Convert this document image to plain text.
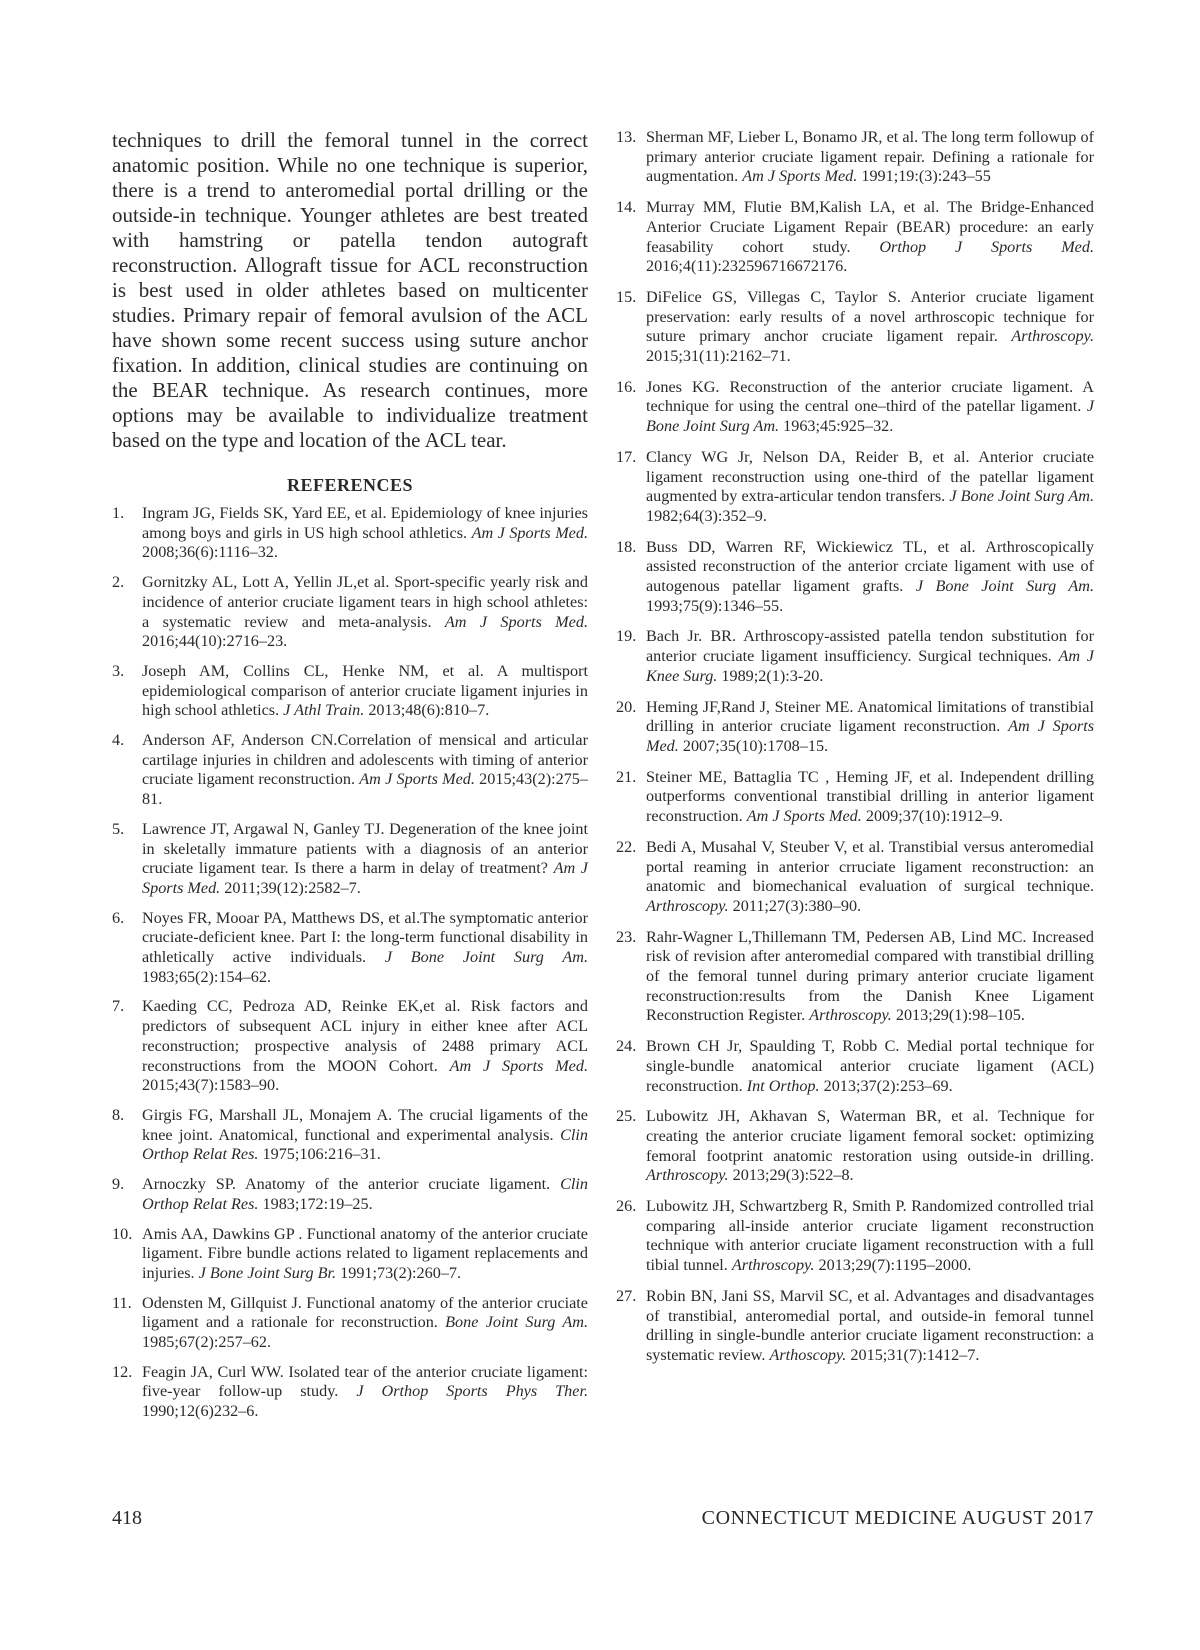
techniques to drill the femoral tunnel in the correct anatomic position. While no one technique is superior, there is a trend to anteromedial portal drilling or the outside-in technique. Younger athletes are best treated with hamstring or patella tendon autograft reconstruction. Allograft tissue for ACL reconstruction is best used in older athletes based on multicenter studies. Primary repair of femoral avulsion of the ACL have shown some recent success using suture anchor fixation. In addition, clinical studies are continuing on the BEAR technique. As research continues, more options may be available to individualize treatment based on the type and location of the ACL tear.

REFERENCES
1. Ingram JG, Fields SK, Yard EE, et al. Epidemiology of knee injuries among boys and girls in US high school athletics. Am J Sports Med. 2008;36(6):1116–32.
2. Gornitzky AL, Lott A, Yellin JL,et al. Sport-specific yearly risk and incidence of anterior cruciate ligament tears in high school athletes: a systematic review and meta-analysis. Am J Sports Med. 2016;44(10):2716–23.
3. Joseph AM, Collins CL, Henke NM, et al. A multisport epidemiological comparison of anterior cruciate ligament injuries in high school athletics. J Athl Train. 2013;48(6):810–7.
4. Anderson AF, Anderson CN.Correlation of mensical and articular cartilage injuries in children and adolescents with timing of anterior cruciate ligament reconstruction. Am J Sports Med. 2015;43(2):275–81.
5. Lawrence JT, Argawal N, Ganley TJ. Degeneration of the knee joint in skeletally immature patients with a diagnosis of an anterior cruciate ligament tear. Is there a harm in delay of treatment? Am J Sports Med. 2011;39(12):2582–7.
6. Noyes FR, Mooar PA, Matthews DS, et al.The symptomatic anterior cruciate-deficient knee. Part I: the long-term functional disability in athletically active individuals. J Bone Joint Surg Am. 1983;65(2):154–62.
7. Kaeding CC, Pedroza AD, Reinke EK,et al. Risk factors and predictors of subsequent ACL injury in either knee after ACL reconstruction; prospective analysis of 2488 primary ACL reconstructions from the MOON Cohort. Am J Sports Med. 2015;43(7):1583–90.
8. Girgis FG, Marshall JL, Monajem A. The crucial ligaments of the knee joint. Anatomical, functional and experimental analysis. Clin Orthop Relat Res. 1975;106:216–31.
9. Arnoczky SP. Anatomy of the anterior cruciate ligament. Clin Orthop Relat Res. 1983;172:19–25.
10. Amis AA, Dawkins GP . Functional anatomy of the anterior cruciate ligament. Fibre bundle actions related to ligament replacements and injuries. J Bone Joint Surg Br. 1991;73(2):260–7.
11. Odensten M, Gillquist J. Functional anatomy of the anterior cruciate ligament and a rationale for reconstruction. Bone Joint Surg Am. 1985;67(2):257–62.
12. Feagin JA, Curl WW. Isolated tear of the anterior cruciate ligament: five-year follow-up study. J Orthop Sports Phys Ther. 1990;12(6)232–6.
13. Sherman MF, Lieber L, Bonamo JR, et al. The long term followup of primary anterior cruciate ligament repair. Defining a rationale for augmentation. Am J Sports Med. 1991;19:(3):243–55
14. Murray MM, Flutie BM,Kalish LA, et al. The Bridge-Enhanced Anterior Cruciate Ligament Repair (BEAR) procedure: an early feasability cohort study. Orthop J Sports Med. 2016;4(11):232596716672176.
15. DiFelice GS, Villegas C, Taylor S. Anterior cruciate ligament preservation: early results of a novel arthroscopic technique for suture primary anchor cruciate ligament repair. Arthroscopy. 2015;31(11):2162–71.
16. Jones KG. Reconstruction of the anterior cruciate ligament. A technique for using the central one–third of the patellar ligament. J Bone Joint Surg Am. 1963;45:925–32.
17. Clancy WG Jr, Nelson DA, Reider B, et al. Anterior cruciate ligament reconstruction using one-third of the patellar ligament augmented by extra-articular tendon transfers. J Bone Joint Surg Am. 1982;64(3):352–9.
18. Buss DD, Warren RF, Wickiewicz TL, et al. Arthroscopically assisted reconstruction of the anterior crciate ligament with use of autogenous patellar ligament grafts. J Bone Joint Surg Am. 1993;75(9):1346–55.
19. Bach Jr. BR. Arthroscopy-assisted patella tendon substitution for anterior cruciate ligament insufficiency. Surgical techniques. Am J Knee Surg. 1989;2(1):3-20.
20. Heming JF,Rand J, Steiner ME. Anatomical limitations of transtibial drilling in anterior cruciate ligament reconstruction. Am J Sports Med. 2007;35(10):1708–15.
21. Steiner ME, Battaglia TC , Heming JF, et al. Independent drilling outperforms conventional transtibial drilling in anterior ligament reconstruction. Am J Sports Med. 2009;37(10):1912–9.
22. Bedi A, Musahal V, Steuber V, et al. Transtibial versus anteromedial portal reaming in anterior crruciate ligament reconstruction: an anatomic and biomechanical evaluation of surgical technique. Arthroscopy. 2011;27(3):380–90.
23. Rahr-Wagner L,Thillemann TM, Pedersen AB, Lind MC. Increased risk of revision after anteromedial compared with transtibial drilling of the femoral tunnel during primary anterior cruciate ligament reconstruction:results from the Danish Knee Ligament Reconstruction Register. Arthroscopy. 2013;29(1):98–105.
24. Brown CH Jr, Spaulding T, Robb C. Medial portal technique for single-bundle anatomical anterior cruciate ligament (ACL) reconstruction. Int Orthop. 2013;37(2):253–69.
25. Lubowitz JH, Akhavan S, Waterman BR, et al. Technique for creating the anterior cruciate ligament femoral socket: optimizing femoral footprint anatomic restoration using outside-in drilling. Arthroscopy. 2013;29(3):522–8.
26. Lubowitz JH, Schwartzberg R, Smith P. Randomized controlled trial comparing all-inside anterior cruciate ligament reconstruction technique with anterior cruciate ligament reconstruction with a full tibial tunnel. Arthroscopy. 2013;29(7):1195–2000.
27. Robin BN, Jani SS, Marvil SC, et al. Advantages and disadvantages of transtibial, anteromedial portal, and outside-in femoral tunnel drilling in single-bundle anterior cruciate ligament reconstruction: a systematic review. Arthoscopy. 2015;31(7):1412–7.
418	CONNECTICUT MEDICINE AUGUST 2017
